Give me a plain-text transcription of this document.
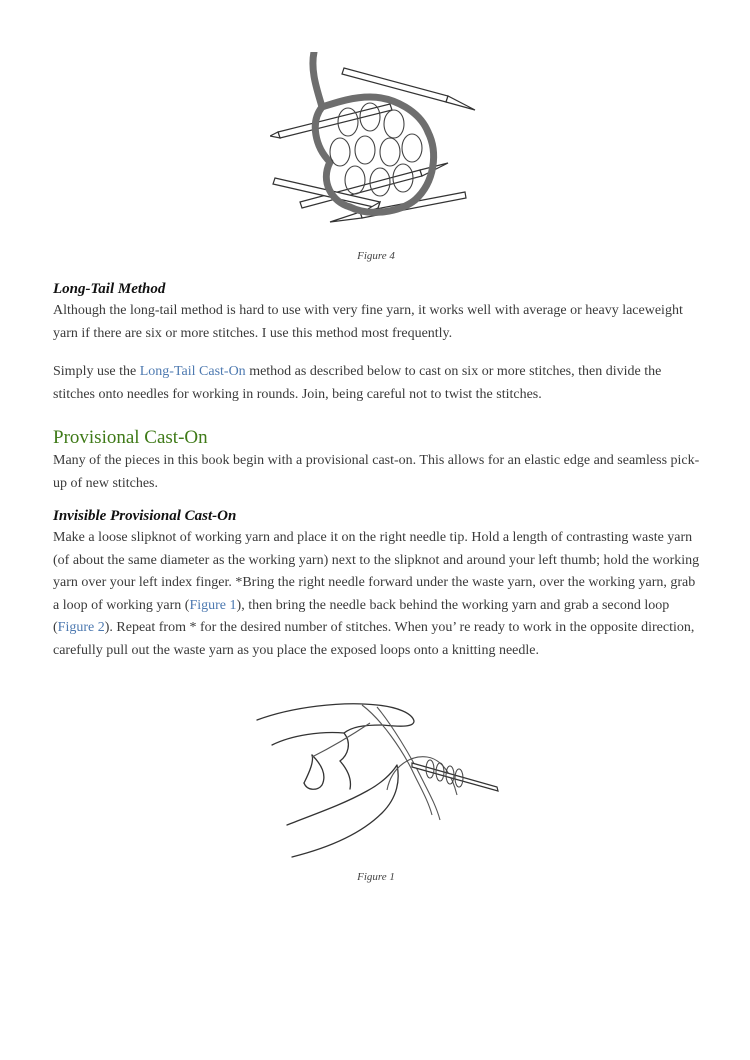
Figure 4
Long-Tail Method

Although the long-tail method is hard to use with very fine yarn, it works well with average or heavy laceweight yarn if there are six or more stitches. I use this method most frequently.

Simply use the Long-Tail Cast-On method as described below to cast on six or more stitches, then divide the stitches onto needles for working in rounds. Join, being careful not to twist the stitches.

Provisional Cast-On

Many of the pieces in this book begin with a provisional cast-on. This allows for an elastic edge and seamless pick-up of new stitches.

Invisible Provisional Cast-On

Make a loose slipknot of working yarn and place it on the right needle tip. Hold a length of contrasting waste yarn (of about the same diameter as the working yarn) next to the slipknot and around your left thumb; hold the working yarn over your left index finger. *Bring the right needle forward under the waste yarn, over the working yarn, grab a loop of working yarn (Figure 1), then bring the needle back behind the working yarn and grab a second loop (Figure 2). Repeat from * for the desired number of stitches. When you’ re ready to work in the opposite direction, carefully pull out the waste yarn as you place the exposed loops onto a knitting needle.

Figure 1
